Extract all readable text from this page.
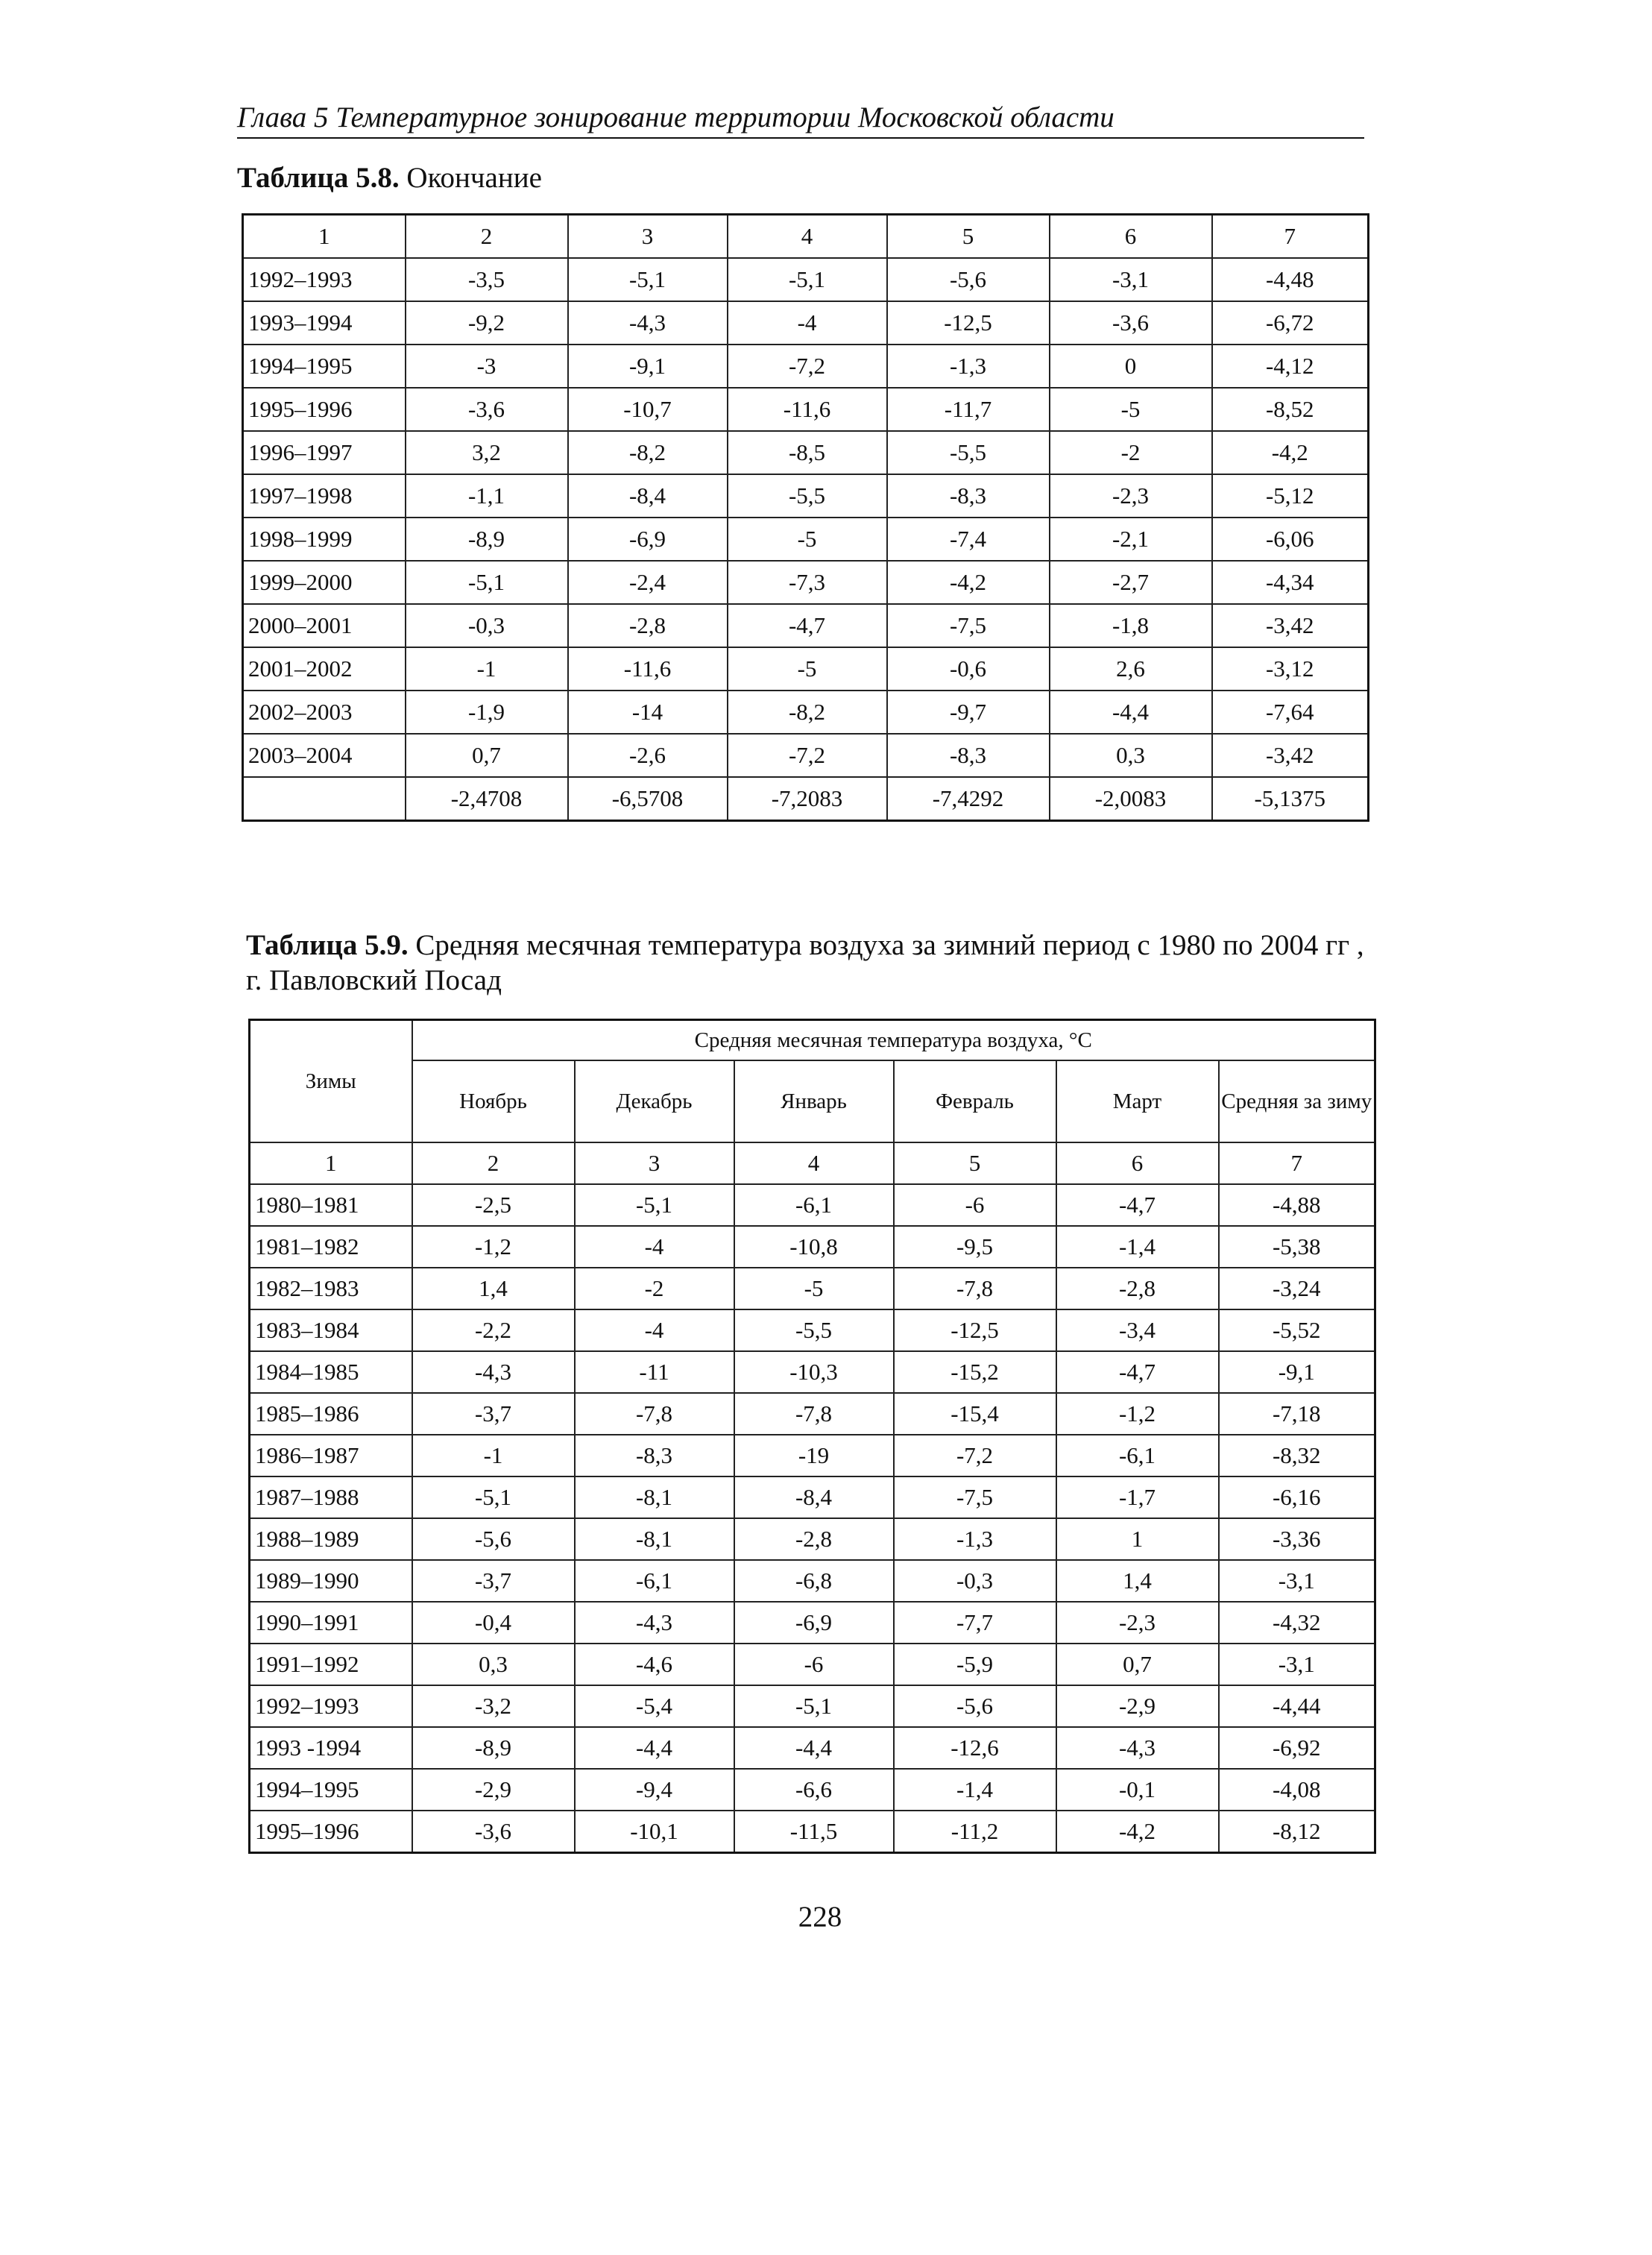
Глава 5 Температурное зонирование территории Московской области
Таблица 5.8. Окончание
1	2	3	4	5	6	7
1992–1993	-3,5	-5,1	-5,1	-5,6	-3,1	-4,48
1993–1994	-9,2	-4,3	-4	-12,5	-3,6	-6,72
1994–1995	-3	-9,1	-7,2	-1,3	0	-4,12
1995–1996	-3,6	-10,7	-11,6	-11,7	-5	-8,52
1996–1997	3,2	-8,2	-8,5	-5,5	-2	-4,2
1997–1998	-1,1	-8,4	-5,5	-8,3	-2,3	-5,12
1998–1999	-8,9	-6,9	-5	-7,4	-2,1	-6,06
1999–2000	-5,1	-2,4	-7,3	-4,2	-2,7	-4,34
2000–2001	-0,3	-2,8	-4,7	-7,5	-1,8	-3,42
2001–2002	-1	-11,6	-5	-0,6	2,6	-3,12
2002–2003	-1,9	-14	-8,2	-9,7	-4,4	-7,64
2003–2004	0,7	-2,6	-7,2	-8,3	0,3	-3,42
	-2,4708	-6,5708	-7,2083	-7,4292	-2,0083	-5,1375
Таблица 5.9. Средняя месячная температура воздуха за зимний период с 1980 по 2004 гг , г. Павловский Посад
Зимы	Средняя месячная температура воздуха, °С					
	Ноябрь	Декабрь	Январь	Февраль	Март	Средняя за зиму
1	2	3	4	5	6	7
1980–1981	-2,5	-5,1	-6,1	-6	-4,7	-4,88
1981–1982	-1,2	-4	-10,8	-9,5	-1,4	-5,38
1982–1983	1,4	-2	-5	-7,8	-2,8	-3,24
1983–1984	-2,2	-4	-5,5	-12,5	-3,4	-5,52
1984–1985	-4,3	-11	-10,3	-15,2	-4,7	-9,1
1985–1986	-3,7	-7,8	-7,8	-15,4	-1,2	-7,18
1986–1987	-1	-8,3	-19	-7,2	-6,1	-8,32
1987–1988	-5,1	-8,1	-8,4	-7,5	-1,7	-6,16
1988–1989	-5,6	-8,1	-2,8	-1,3	1	-3,36
1989–1990	-3,7	-6,1	-6,8	-0,3	1,4	-3,1
1990–1991	-0,4	-4,3	-6,9	-7,7	-2,3	-4,32
1991–1992	0,3	-4,6	-6	-5,9	0,7	-3,1
1992–1993	-3,2	-5,4	-5,1	-5,6	-2,9	-4,44
1993 -1994	-8,9	-4,4	-4,4	-12,6	-4,3	-6,92
1994–1995	-2,9	-9,4	-6,6	-1,4	-0,1	-4,08
1995–1996	-3,6	-10,1	-11,5	-11,2	-4,2	-8,12
228
